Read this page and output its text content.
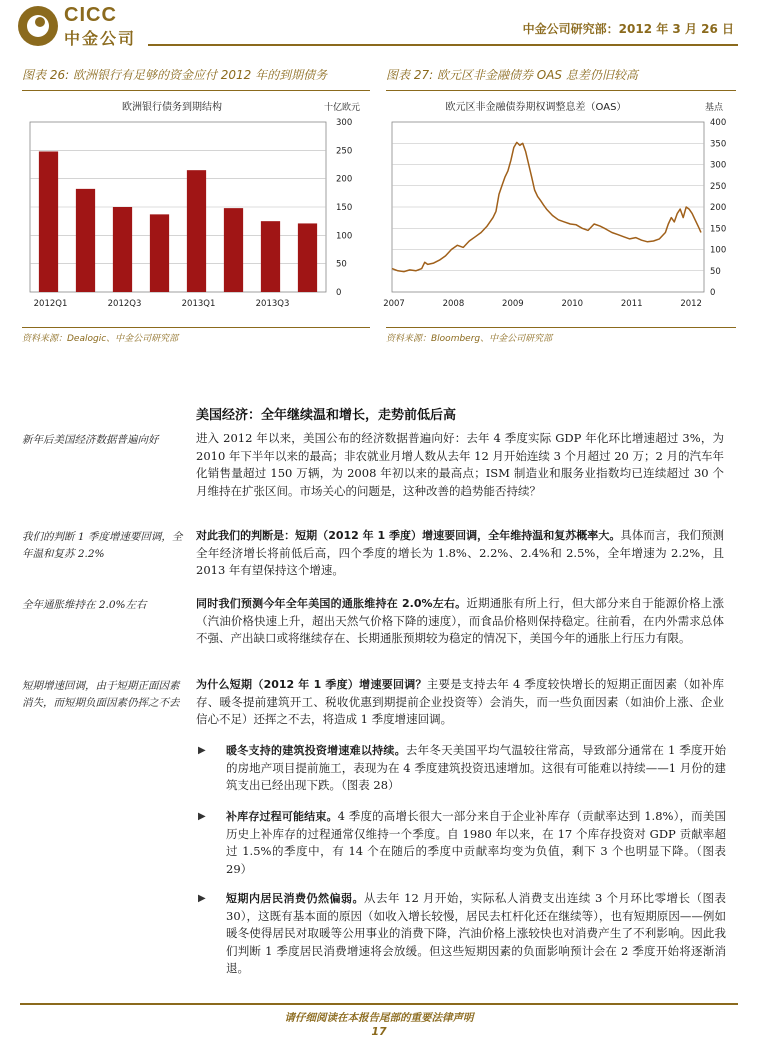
CICC
中金公司	中金公司研究部：2012 年 3 月 26 日
图表 26: 欧洲银行有足够的资金应付 2012 年的到期债务	图表 27: 欧元区非金融债券 OAS 息差仍旧较高
欧洲银行债务到期结构	十亿欧元
0
50
100
150
200
250
300
2012Q1	2012Q3	2013Q1	2013Q3
欧元区非金融债券期权调整息差（OAS）	基点
0
50
100
150
200
250
300
350
400
2007	2008	2009	2010	2011	2012
资料来源：Dealogic、中金公司研究部	资料来源：Bloomberg、中金公司研究部
美国经济：全年继续温和增长，走势前低后高
新年后美国经济数据普遍向好
我们的判断 1 季度增速要回调，全年温和复苏 2.2%
全年通胀维持在 2.0%左右
短期增速回调，由于短期正面因素消失，而短期负面因素仍挥之不去
进入 2012 年以来，美国公布的经济数据普遍向好：去年 4 季度实际 GDP 年化环比增速超过 3%，为 2010 年下半年以来的最高；非农就业月增人数从去年 12 月开始连续 3 个月超过 20 万；2 月的汽车年化销售量超过 150 万辆，为 2008 年初以来的最高点；ISM 制造业和服务业指数均已连续超过 30 个月维持在扩张区间。市场关心的问题是，这种改善的趋势能否持续？
对此我们的判断是：短期（2012 年 1 季度）增速要回调，全年维持温和复苏概率大。具体而言，我们预测全年经济增长将前低后高，四个季度的增长为 1.8%、2.2%、2.4%和 2.5%，全年增速为 2.2%，且 2013 年有望保持这个增速。
同时我们预测今年全年美国的通胀维持在 2.0%左右。近期通胀有所上行，但大部分来自于能源价格上涨（汽油价格快速上升，超出天然气价格下降的速度），而食品价格则保持稳定。往前看，在内外需求总体不强、产出缺口或将继续存在、长期通胀预期较为稳定的情况下，美国今年的通胀上行压力有限。
为什么短期（2012 年 1 季度）增速要回调？主要是支持去年 4 季度较快增长的短期正面因素（如补库存、暖冬提前建筑开工、税收优惠到期提前企业投资等）会消失，而一些负面因素（如油价上涨、企业信心不足）还挥之不去，将造成 1 季度增速回调。
▶ 暖冬支持的建筑投资增速难以持续。去年冬天美国平均气温较往常高，导致部分通常在 1 季度开始的房地产项目提前施工，表现为在 4 季度建筑投资迅速增加。这很有可能难以持续——1 月份的建筑支出已经出现下跌。（图表 28）
▶ 补库存过程可能结束。4 季度的高增长很大一部分来自于企业补库存（贡献率达到 1.8%），而美国历史上补库存的过程通常仅维持一个季度。自 1980 年以来，在 17 个库存投资对 GDP 贡献率超过 1.5%的季度中，有 14 个在随后的季度中贡献率均变为负值，剩下 3 个也明显下降。（图表 29）
▶ 短期内居民消费仍然偏弱。从去年 12 月开始，实际私人消费支出连续 3 个月环比零增长（图表 30），这既有基本面的原因（如收入增长较慢，居民去杠杆化还在继续等），也有短期原因——例如暖冬使得居民对取暖等公用事业的消费下降，汽油价格上涨较快也对消费产生了不利影响。因此我们判断 1 季度居民消费增速将会放缓。但这些短期因素的负面影响预计会在 2 季度开始将逐渐消退。
请仔细阅读在本报告尾部的重要法律声明
17
